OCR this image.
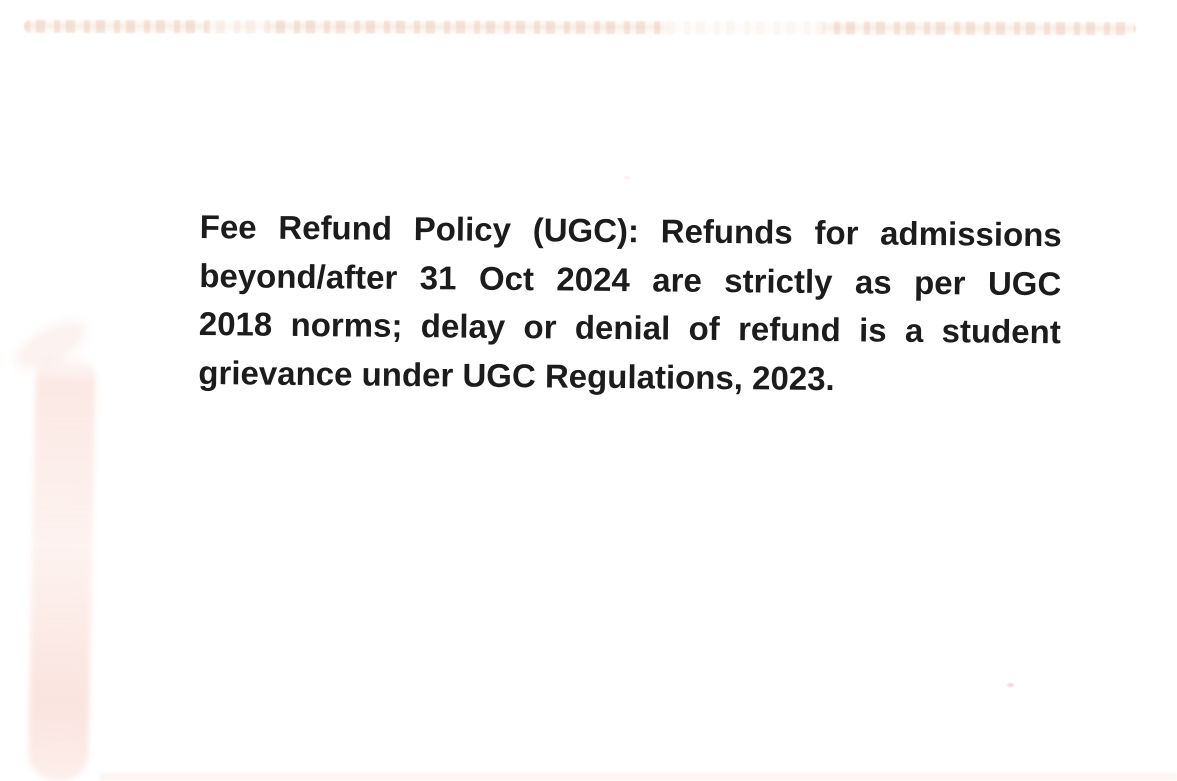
Fee Refund Policy (UGC): Refunds for admissions
beyond/after 31 Oct 2024 are strictly as per UGC
2018 norms; delay or denial of refund is a student
grievance under UGC Regulations, 2023.
